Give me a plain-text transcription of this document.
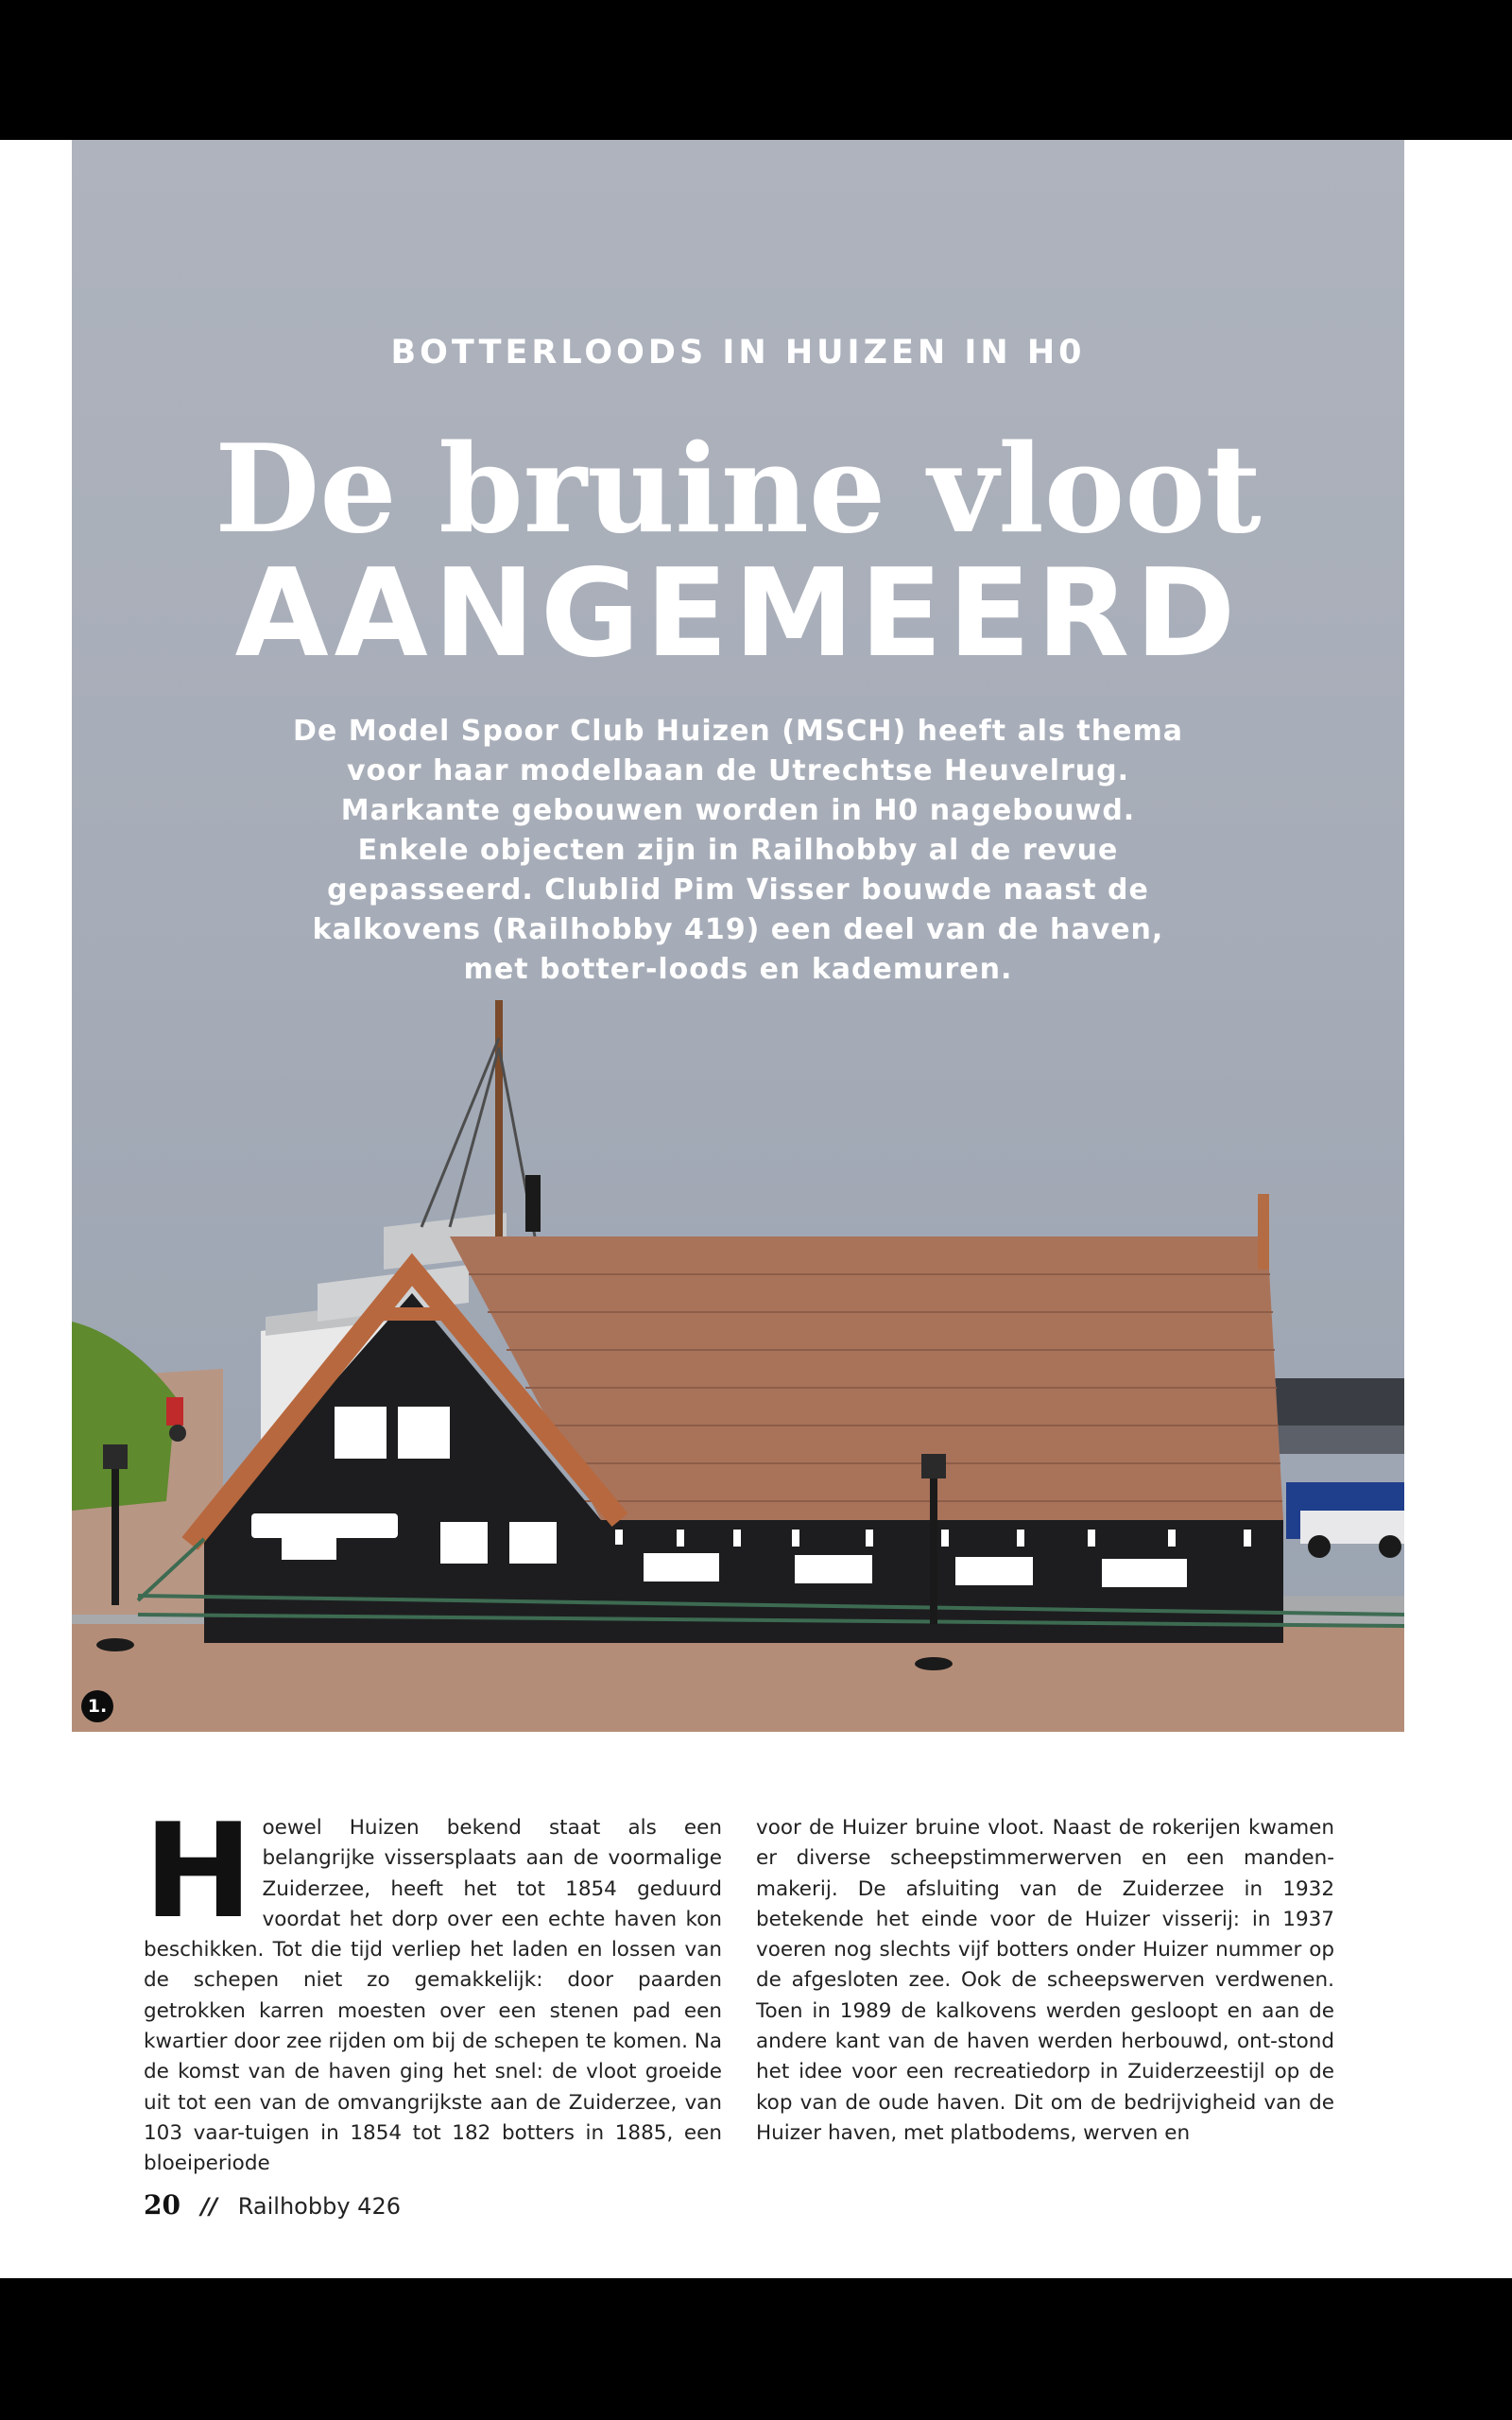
BOTTERLOODS IN HUIZEN IN H0
De bruine vloot
AANGEMEERD
De Model Spoor Club Huizen (MSCH) heeft als thema voor haar modelbaan de Utrechtse Heuvelrug. Markante gebouwen worden in H0 nagebouwd. Enkele objecten zijn in Railhobby al de revue gepasseerd. Clublid Pim Visser bouwde naast de kalkovens (Railhobby 419) een deel van de haven, met botter-loods en kademuren.
1.
H oewel Huizen bekend staat als een belangrijke vissersplaats aan de voormalige Zuiderzee, heeft het tot 1854 geduurd voordat het dorp over een echte haven kon beschikken. Tot die tijd verliep het laden en lossen van de schepen niet zo gemakkelijk: door paarden getrokken karren moesten over een stenen pad een kwartier door zee rijden om bij de schepen te komen. Na de komst van de haven ging het snel: de vloot groeide uit tot een van de omvangrijkste aan de Zuiderzee, van 103 vaar-tuigen in 1854 tot 182 botters in 1885, een bloeiperiode
voor de Huizer bruine vloot. Naast de rokerijen kwamen er diverse scheepstimmerwerven en een manden-makerij. De afsluiting van de Zuiderzee in 1932 betekende het einde voor de Huizer visserij: in 1937 voeren nog slechts vijf botters onder Huizer nummer op de afgesloten zee. Ook de scheepswerven verdwenen. Toen in 1989 de kalkovens werden gesloopt en aan de andere kant van de haven werden herbouwd, ont-stond het idee voor een recreatiedorp in Zuiderzeestijl op de kop van de oude haven. Dit om de bedrijvigheid van de Huizer haven, met platbodems, werven en
20 // Railhobby 426
